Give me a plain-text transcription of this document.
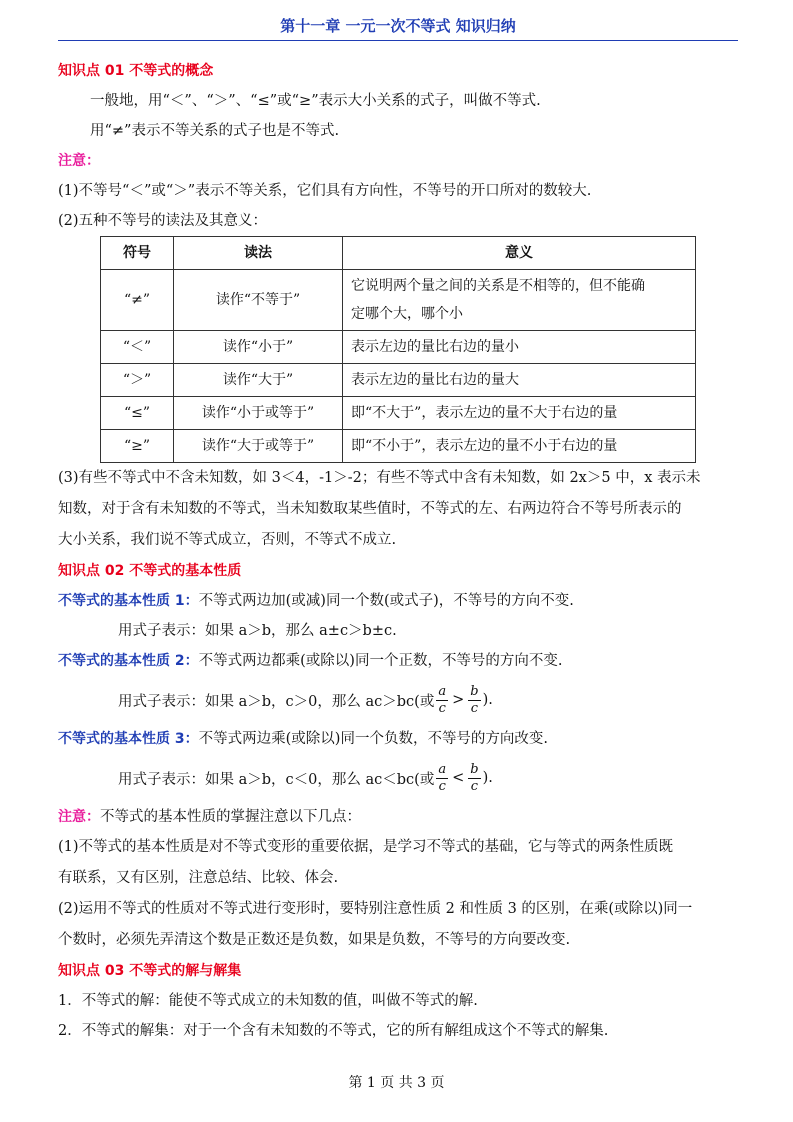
第十一章 一元一次不等式 知识归纳

知识点 01 不等式的概念

一般地，用“＜”、“＞”、“≤”或“≥”表示大小关系的式子，叫做不等式.

用“≠”表示不等关系的式子也是不等式.

注意：

(1)不等号“＜”或“＞”表示不等关系，它们具有方向性，不等号的开口所对的数较大.

(2)五种不等号的读法及其意义：

符号	读法	意义
“≠”	读作“不等于”	它说明两个量之间的关系是不相等的，但不能确
定哪个大，哪个小

“＜”	读作“小于”	表示左边的量比右边的量小
“＞”	读作“大于”	表示左边的量比右边的量大
“≤”	读作“小于或等于”	即“不大于”，表示左边的量不大于右边的量
“≥”	读作“大于或等于”	即“不小于”，表示左边的量不小于右边的量

(3)有些不等式中不含未知数，如 3＜4，-1＞-2；有些不等式中含有未知数，如 2x＞5 中，x 表示未

知数，对于含有未知数的不等式，当未知数取某些值时，不等式的左、右两边符合不等号所表示的

大小关系，我们说不等式成立，否则，不等式不成立.

知识点 02 不等式的基本性质

不等式的基本性质 1：不等式两边加(或减)同一个数(或式子)，不等号的方向不变.

用式子表示：如果 a＞b，那么 a±c＞b±c.

不等式的基本性质 2：不等式两边都乘(或除以)同一个正数，不等号的方向不变.

用式子表示：如果 a＞b，c＞0，那么 ac＞bc(或 $\frac{a}{c} > \frac{b}{c}$ ).

不等式的基本性质 3：不等式两边乘(或除以)同一个负数，不等号的方向改变.

用式子表示：如果 a＞b，c＜0，那么 ac＜bc(或 $\frac{a}{c} < \frac{b}{c}$ ).

注意：不等式的基本性质的掌握注意以下几点：

(1)不等式的基本性质是对不等式变形的重要依据，是学习不等式的基础，它与等式的两条性质既

有联系，又有区别，注意总结、比较、体会.

(2)运用不等式的性质对不等式进行变形时，要特别注意性质 2 和性质 3 的区别，在乘(或除以)同一

个数时，必须先弄清这个数是正数还是负数，如果是负数，不等号的方向要改变.

知识点 03 不等式的解与解集

1．不等式的解：能使不等式成立的未知数的值，叫做不等式的解.

2．不等式的解集：对于一个含有未知数的不等式，它的所有解组成这个不等式的解集.

第 1 页 共 3 页
